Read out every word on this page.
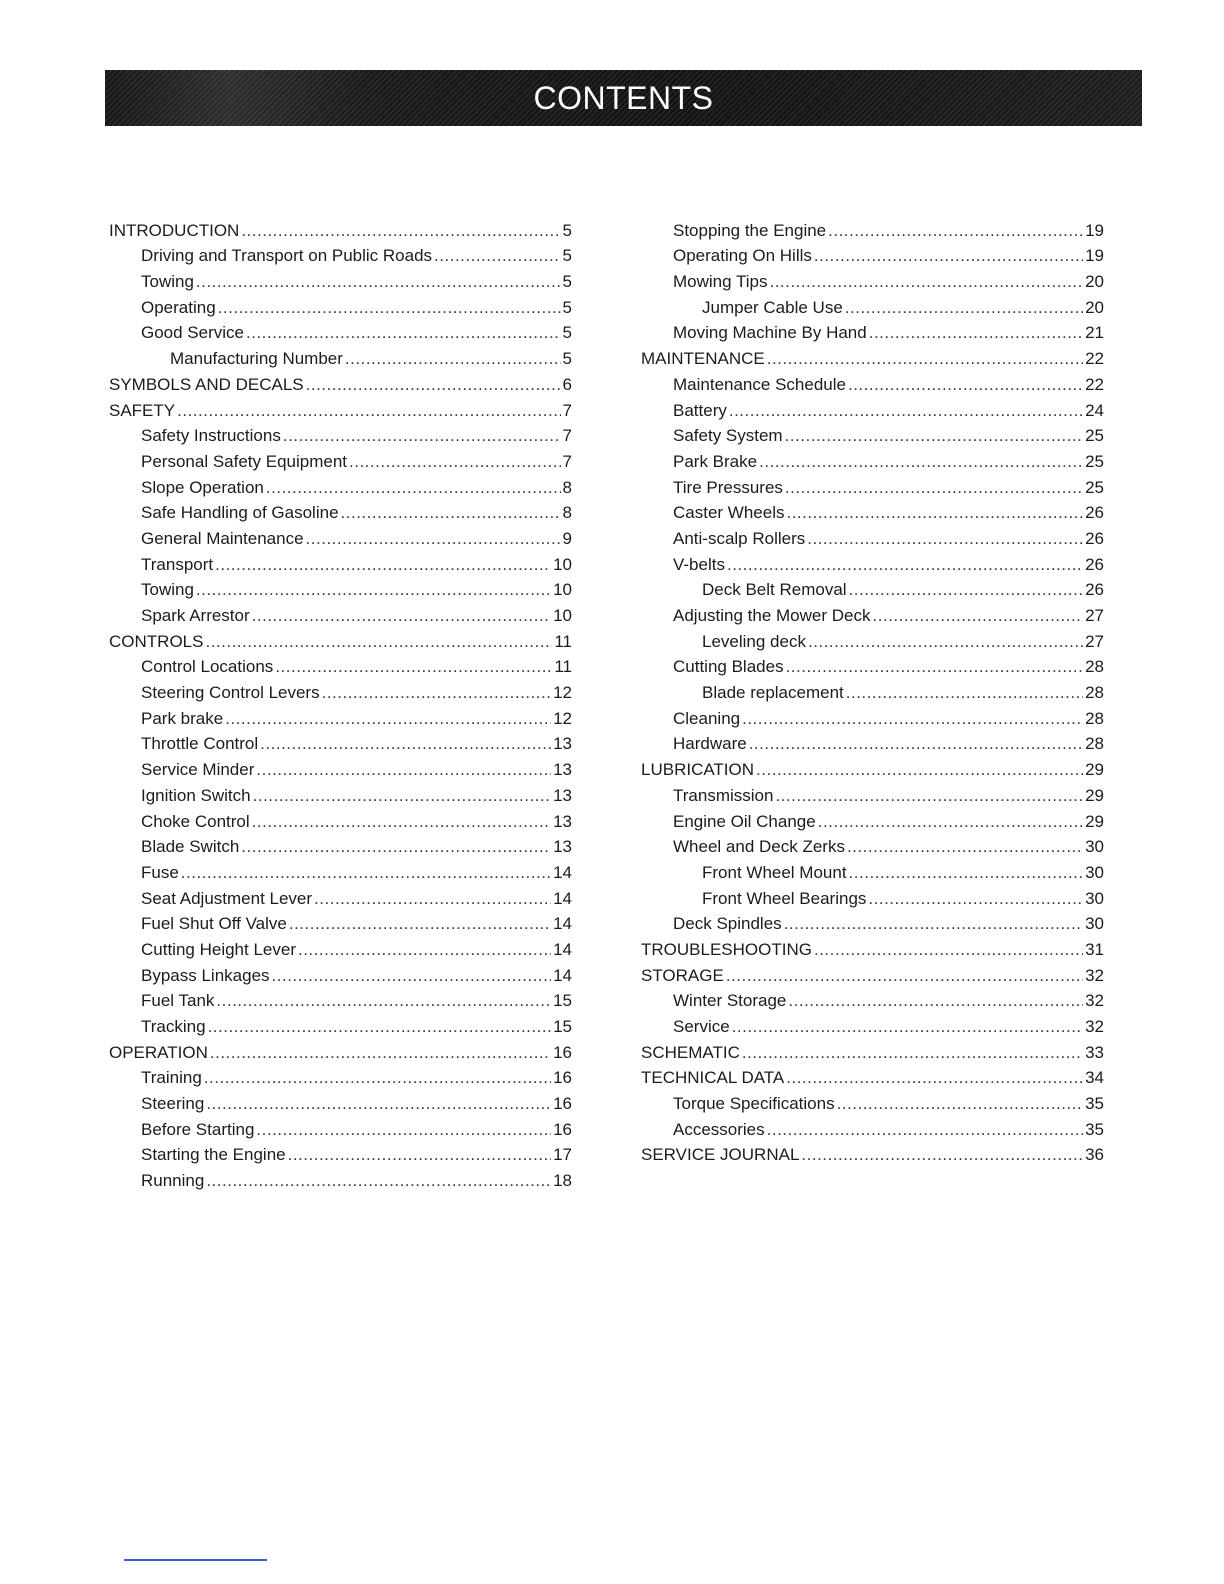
CONTENTS
INTRODUCTION .....	5
Driving and Transport on Public Roads .....	5
Towing .....	5
Operating .....	5
Good Service .....	5
Manufacturing Number .....	5
SYMBOLS AND DECALS .....	6
SAFETY .....	7
Safety Instructions .....	7
Personal Safety Equipment .....	7
Slope Operation .....	8
Safe Handling of Gasoline .....	8
General Maintenance .....	9
Transport .....	10
Towing .....	10
Spark Arrestor .....	10
CONTROLS .....	11
Control Locations .....	11
Steering Control Levers .....	12
Park brake .....	12
Throttle Control .....	13
Service Minder .....	13
Ignition Switch .....	13
Choke Control .....	13
Blade Switch .....	13
Fuse .....	14
Seat Adjustment Lever .....	14
Fuel Shut Off Valve .....	14
Cutting Height Lever .....	14
Bypass Linkages .....	14
Fuel Tank .....	15
Tracking .....	15
OPERATION .....	16
Training .....	16
Steering .....	16
Before Starting .....	16
Starting the Engine .....	17
Running .....	18
Stopping the Engine .....	19
Operating On Hills .....	19
Mowing Tips .....	20
Jumper Cable Use .....	20
Moving Machine By Hand .....	21
MAINTENANCE .....	22
Maintenance Schedule .....	22
Battery .....	24
Safety System .....	25
Park Brake .....	25
Tire Pressures .....	25
Caster Wheels .....	26
Anti-scalp Rollers .....	26
V-belts .....	26
Deck Belt Removal .....	26
Adjusting the Mower Deck .....	27
Leveling deck .....	27
Cutting Blades .....	28
Blade replacement .....	28
Cleaning .....	28
Hardware .....	28
LUBRICATION .....	29
Transmission .....	29
Engine Oil Change .....	29
Wheel and Deck Zerks .....	30
Front Wheel Mount .....	30
Front Wheel Bearings .....	30
Deck Spindles .....	30
TROUBLESHOOTING .....	31
STORAGE .....	32
Winter Storage .....	32
Service .....	32
SCHEMATIC .....	33
TECHNICAL DATA .....	34
Torque Specifications .....	35
Accessories .....	35
SERVICE JOURNAL .....	36
